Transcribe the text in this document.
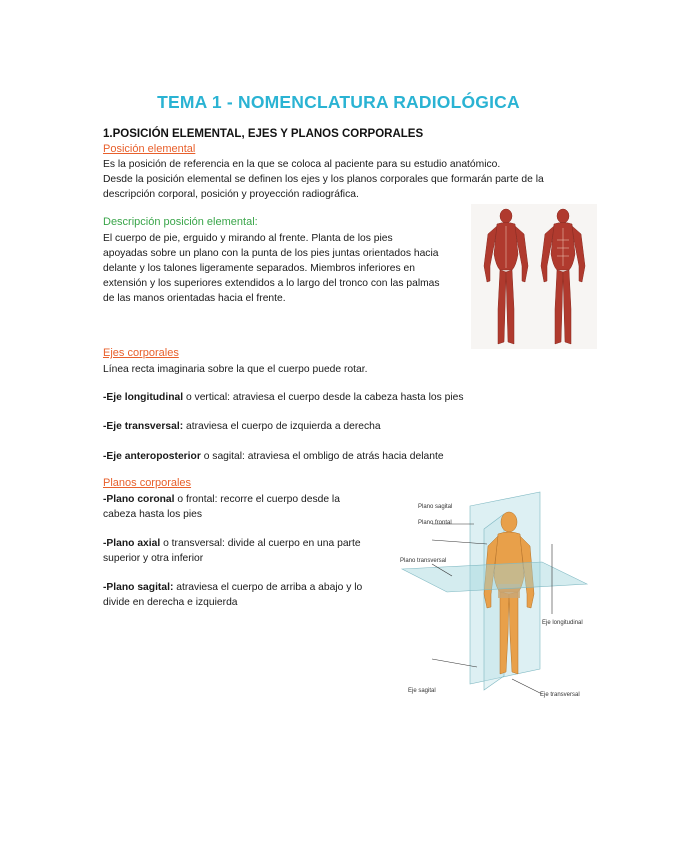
TEMA 1 - NOMENCLATURA RADIOLÓGICA
1.POSICIÓN ELEMENTAL, EJES Y PLANOS CORPORALES
Posición elemental
Es la posición de referencia en la que se coloca al paciente para su estudio anatómico.
Desde la posición elemental se definen los ejes y los planos corporales que formarán parte de la
descripción corporal, posición y proyección radiográfica.
Descripción posición elemental:
El cuerpo de pie, erguido y mirando al frente. Planta de los pies
apoyadas sobre un plano con la punta de los pies juntas orientados hacia
delante y los talones ligeramente separados. Miembros inferiores en
extensión y los superiores extendidos a lo largo del tronco con las palmas
de las manos orientadas hacia el frente.
Ejes corporales
Línea recta imaginaria sobre la que el cuerpo puede rotar.
-Eje longitudinal o vertical: atraviesa el cuerpo desde la cabeza hasta los pies
-Eje transversal: atraviesa el cuerpo de izquierda a derecha
-Eje anteroposterior o sagital: atraviesa el ombligo de atrás hacia delante
Planos corporales
-Plano coronal o frontal: recorre el cuerpo desde la
cabeza hasta los pies
-Plano axial o transversal: divide al cuerpo en una parte
superior y otra inferior
-Plano sagital: atraviesa el cuerpo de arriba a abajo y lo
divide en derecha e izquierda
Plano sagital
Plano frontal
Plano transversal
Eje longitudinal
Eje sagital
Eje transversal
